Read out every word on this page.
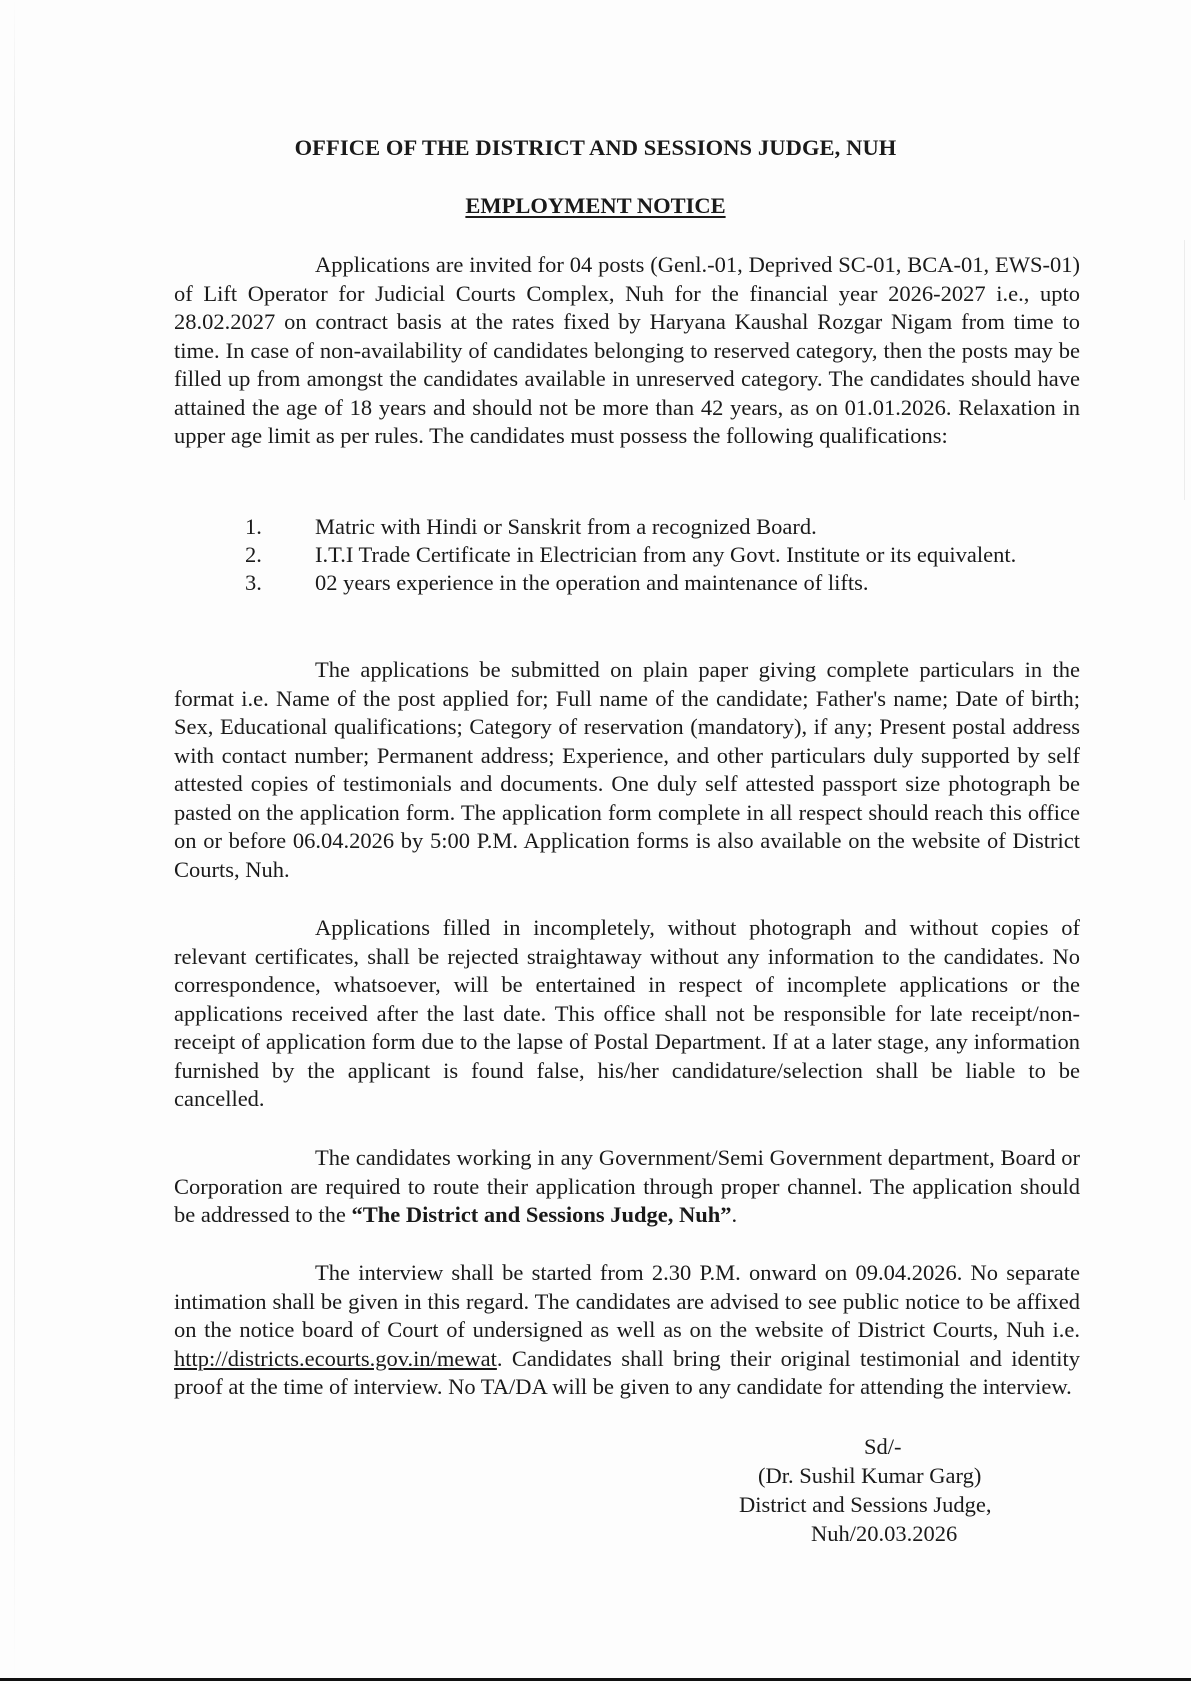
OFFICE OF THE DISTRICT AND SESSIONS JUDGE, NUH
EMPLOYMENT NOTICE

Applications are invited for 04 posts (Genl.-01, Deprived SC-01, BCA-01, EWS-01) of Lift Operator for Judicial Courts Complex, Nuh for the financial year 2026-2027 i.e., upto 28.02.2027 on contract basis at the rates fixed by Haryana Kaushal Rozgar Nigam from time to time. In case of non-availability of candidates belonging to reserved category, then the posts may be filled up from amongst the candidates available in unreserved category. The candidates should have attained the age of 18 years and should not be more than 42 years, as on 01.01.2026. Relaxation in upper age limit as per rules. The candidates must possess the following qualifications:

1. Matric with Hindi or Sanskrit from a recognized Board.
2. I.T.I Trade Certificate in Electrician from any Govt. Institute or its equivalent.
3. 02 years experience in the operation and maintenance of lifts.

The applications be submitted on plain paper giving complete particulars in the format i.e. Name of the post applied for; Full name of the candidate; Father's name; Date of birth; Sex, Educational qualifications; Category of reservation (mandatory), if any; Present postal address with contact number; Permanent address; Experience, and other particulars duly supported by self attested copies of testimonials and documents. One duly self attested passport size photograph be pasted on the application form. The application form complete in all respect should reach this office on or before 06.04.2026 by 5:00 P.M. Application forms is also available on the website of District Courts, Nuh.

Applications filled in incompletely, without photograph and without copies of relevant certificates, shall be rejected straightaway without any information to the candidates. No correspondence, whatsoever, will be entertained in respect of incomplete applications or the applications received after the last date. This office shall not be responsible for late receipt/non-receipt of application form due to the lapse of Postal Department. If at a later stage, any information furnished by the applicant is found false, his/her candidature/selection shall be liable to be cancelled.

The candidates working in any Government/Semi Government department, Board or Corporation are required to route their application through proper channel. The application should be addressed to the “The District and Sessions Judge, Nuh”.

The interview shall be started from 2.30 P.M. onward on 09.04.2026. No separate intimation shall be given in this regard. The candidates are advised to see public notice to be affixed on the notice board of Court of undersigned as well as on the website of District Courts, Nuh i.e. http://districts.ecourts.gov.in/mewat. Candidates shall bring their original testimonial and identity proof at the time of interview. No TA/DA will be given to any candidate for attending the interview.

Sd/-
(Dr. Sushil Kumar Garg)
District and Sessions Judge,
Nuh/20.03.2026
